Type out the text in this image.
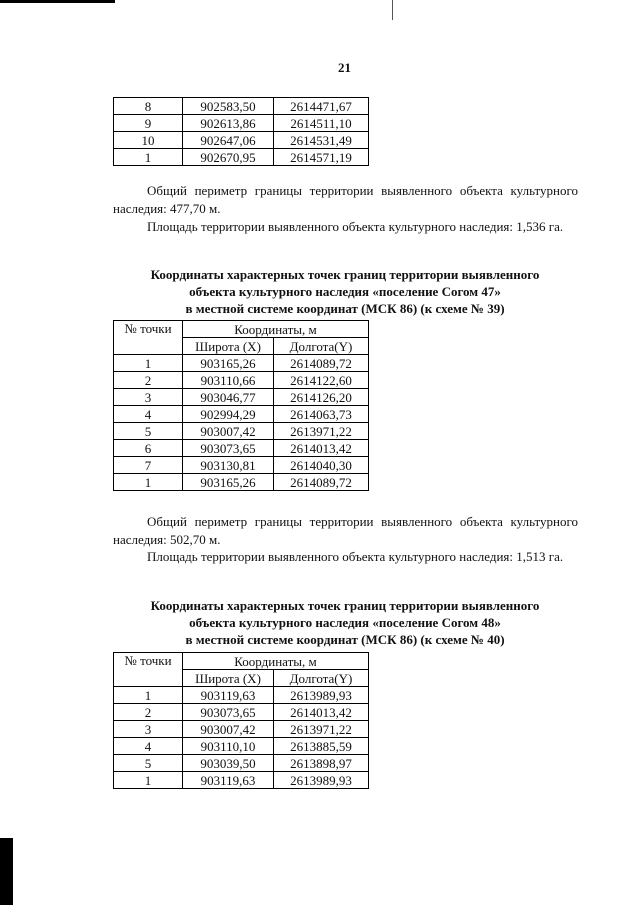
21
8	902583,50	2614471,67
9	902613,86	2614511,10
10	902647,06	2614531,49
1	902670,95	2614571,19
Общий периметр границы территории выявленного объекта культурного наследия: 477,70 м.
Площадь территории выявленного объекта культурного наследия: 1,536 га.
Координаты характерных точек границ территории выявленного
объекта культурного наследия «поселение Согом 47»
в местной системе координат (МСК 86) (к схеме № 39)
№ точки	Координаты, м	
	Широта (X)	Долгота(Y)
1	903165,26	2614089,72
2	903110,66	2614122,60
3	903046,77	2614126,20
4	902994,29	2614063,73
5	903007,42	2613971,22
6	903073,65	2614013,42
7	903130,81	2614040,30
1	903165,26	2614089,72
Общий периметр границы территории выявленного объекта культурного наследия: 502,70 м.
Площадь территории выявленного объекта культурного наследия: 1,513 га.
Координаты характерных точек границ территории выявленного
объекта культурного наследия «поселение Согом 48»
в местной системе координат (МСК 86) (к схеме № 40)
№ точки	Координаты, м	
	Широта (X)	Долгота(Y)
1	903119,63	2613989,93
2	903073,65	2614013,42
3	903007,42	2613971,22
4	903110,10	2613885,59
5	903039,50	2613898,97
1	903119,63	2613989,93
